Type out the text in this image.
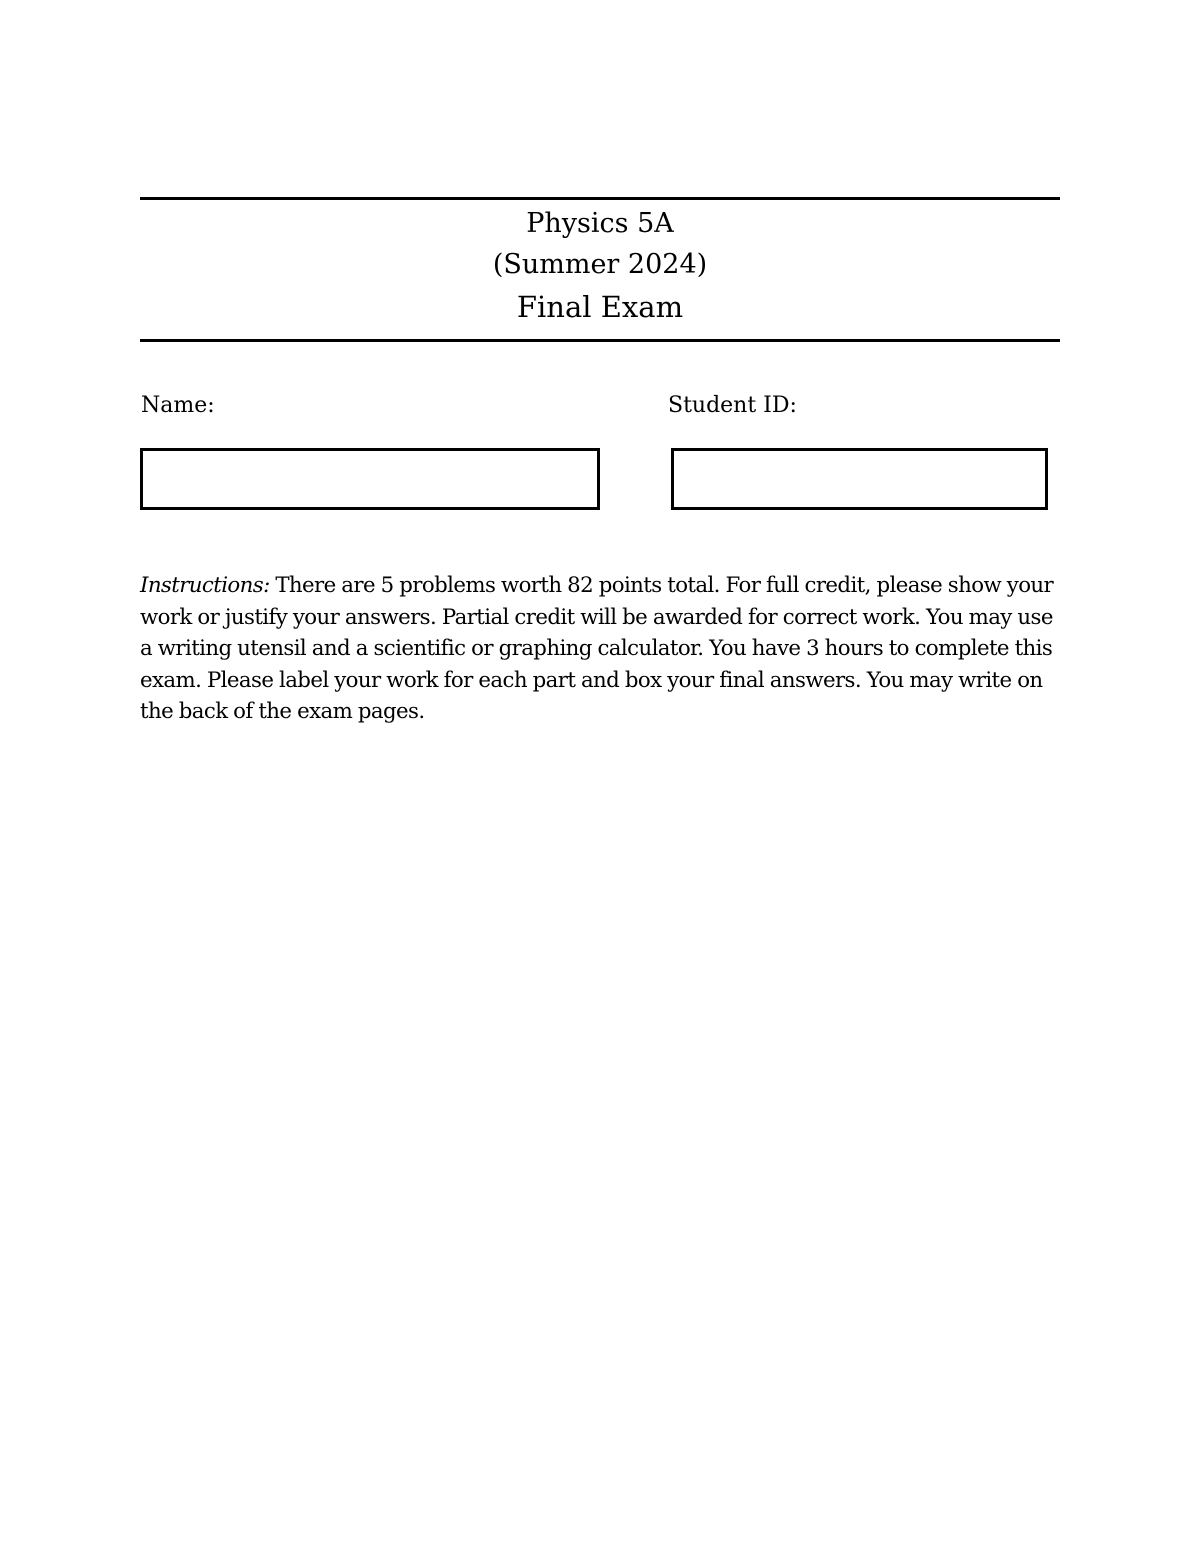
Physics 5A
(Summer 2024)
Final Exam
Name:	Student ID:
Instructions: There are 5 problems worth 82 points total. For full credit, please show your work or justify your answers. Partial credit will be awarded for correct work. You may use a writing utensil and a scientific or graphing calculator. You have 3 hours to complete this exam. Please label your work for each part and box your final answers. You may write on the back of the exam pages.
